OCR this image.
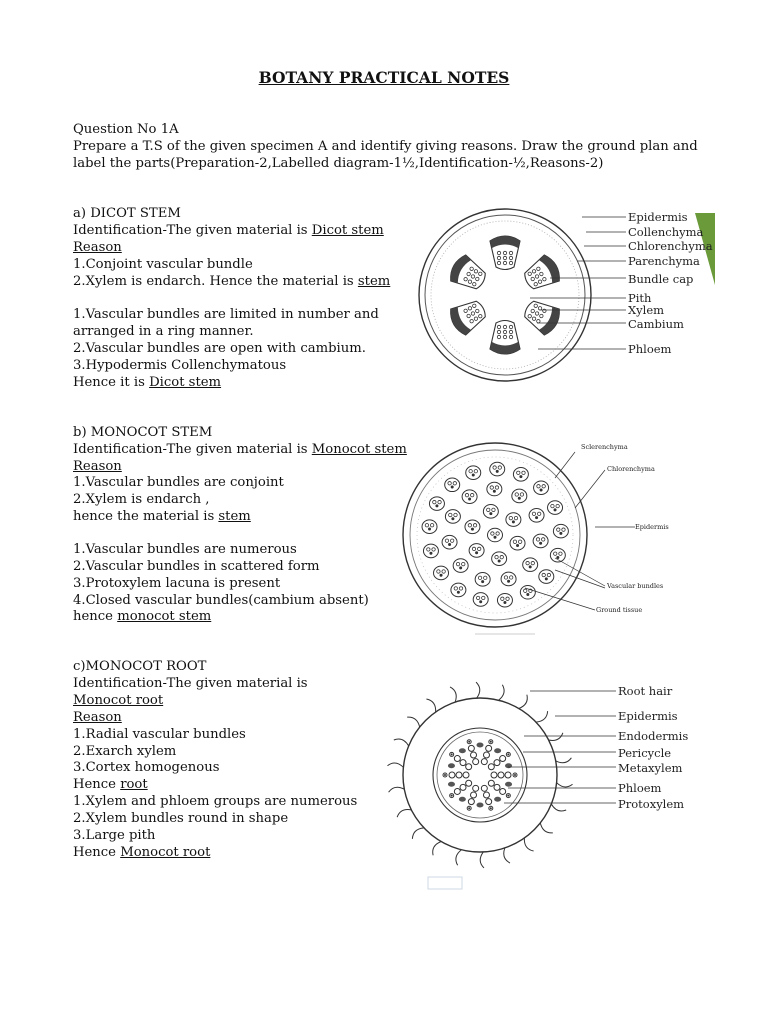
BOTANY PRACTICAL NOTES
Question No 1A
Prepare a T.S of the given specimen A and identify giving reasons. Draw the ground plan and label the parts(Preparation-2,Labelled diagram-1½,Identification-½,Reasons-2)
a) DICOT STEM
Identification-The given material is Dicot stem
Reason
1.Conjoint vascular bundle
2.Xylem is endarch. Hence the material is stem
1.Vascular bundles are limited in number and
arranged in a ring manner.
2.Vascular bundles are open with cambium.
3.Hypodermis Collenchymatous
Hence it is Dicot stem
b) MONOCOT STEM
Identification-The given material is Monocot stem
Reason
1.Vascular bundles are conjoint
2.Xylem is endarch ,
hence the material is stem
1.Vascular bundles are numerous
2.Vascular bundles in scattered form
3.Protoxylem lacuna is present
4.Closed vascular bundles(cambium absent)
hence monocot stem
c)MONOCOT ROOT
Identification-The given material is
Monocot root
Reason
1.Radial vascular bundles
2.Exarch xylem
3.Cortex homogenous
Hence root
1.Xylem and phloem groups are numerous
2.Xylem bundles round in shape
3.Large pith
Hence Monocot root
Epidermis
Collenchyma
Chlorenchyma
Parenchyma
Bundle cap
Pith
Xylem
Cambium
Phloem
Sclerenchyma
Chlorenchyma
Epidermis
Vascular bundles
Ground tissue
Root hair
Epidermis
Endodermis
Pericycle
Metaxylem
Phloem
Protoxylem
